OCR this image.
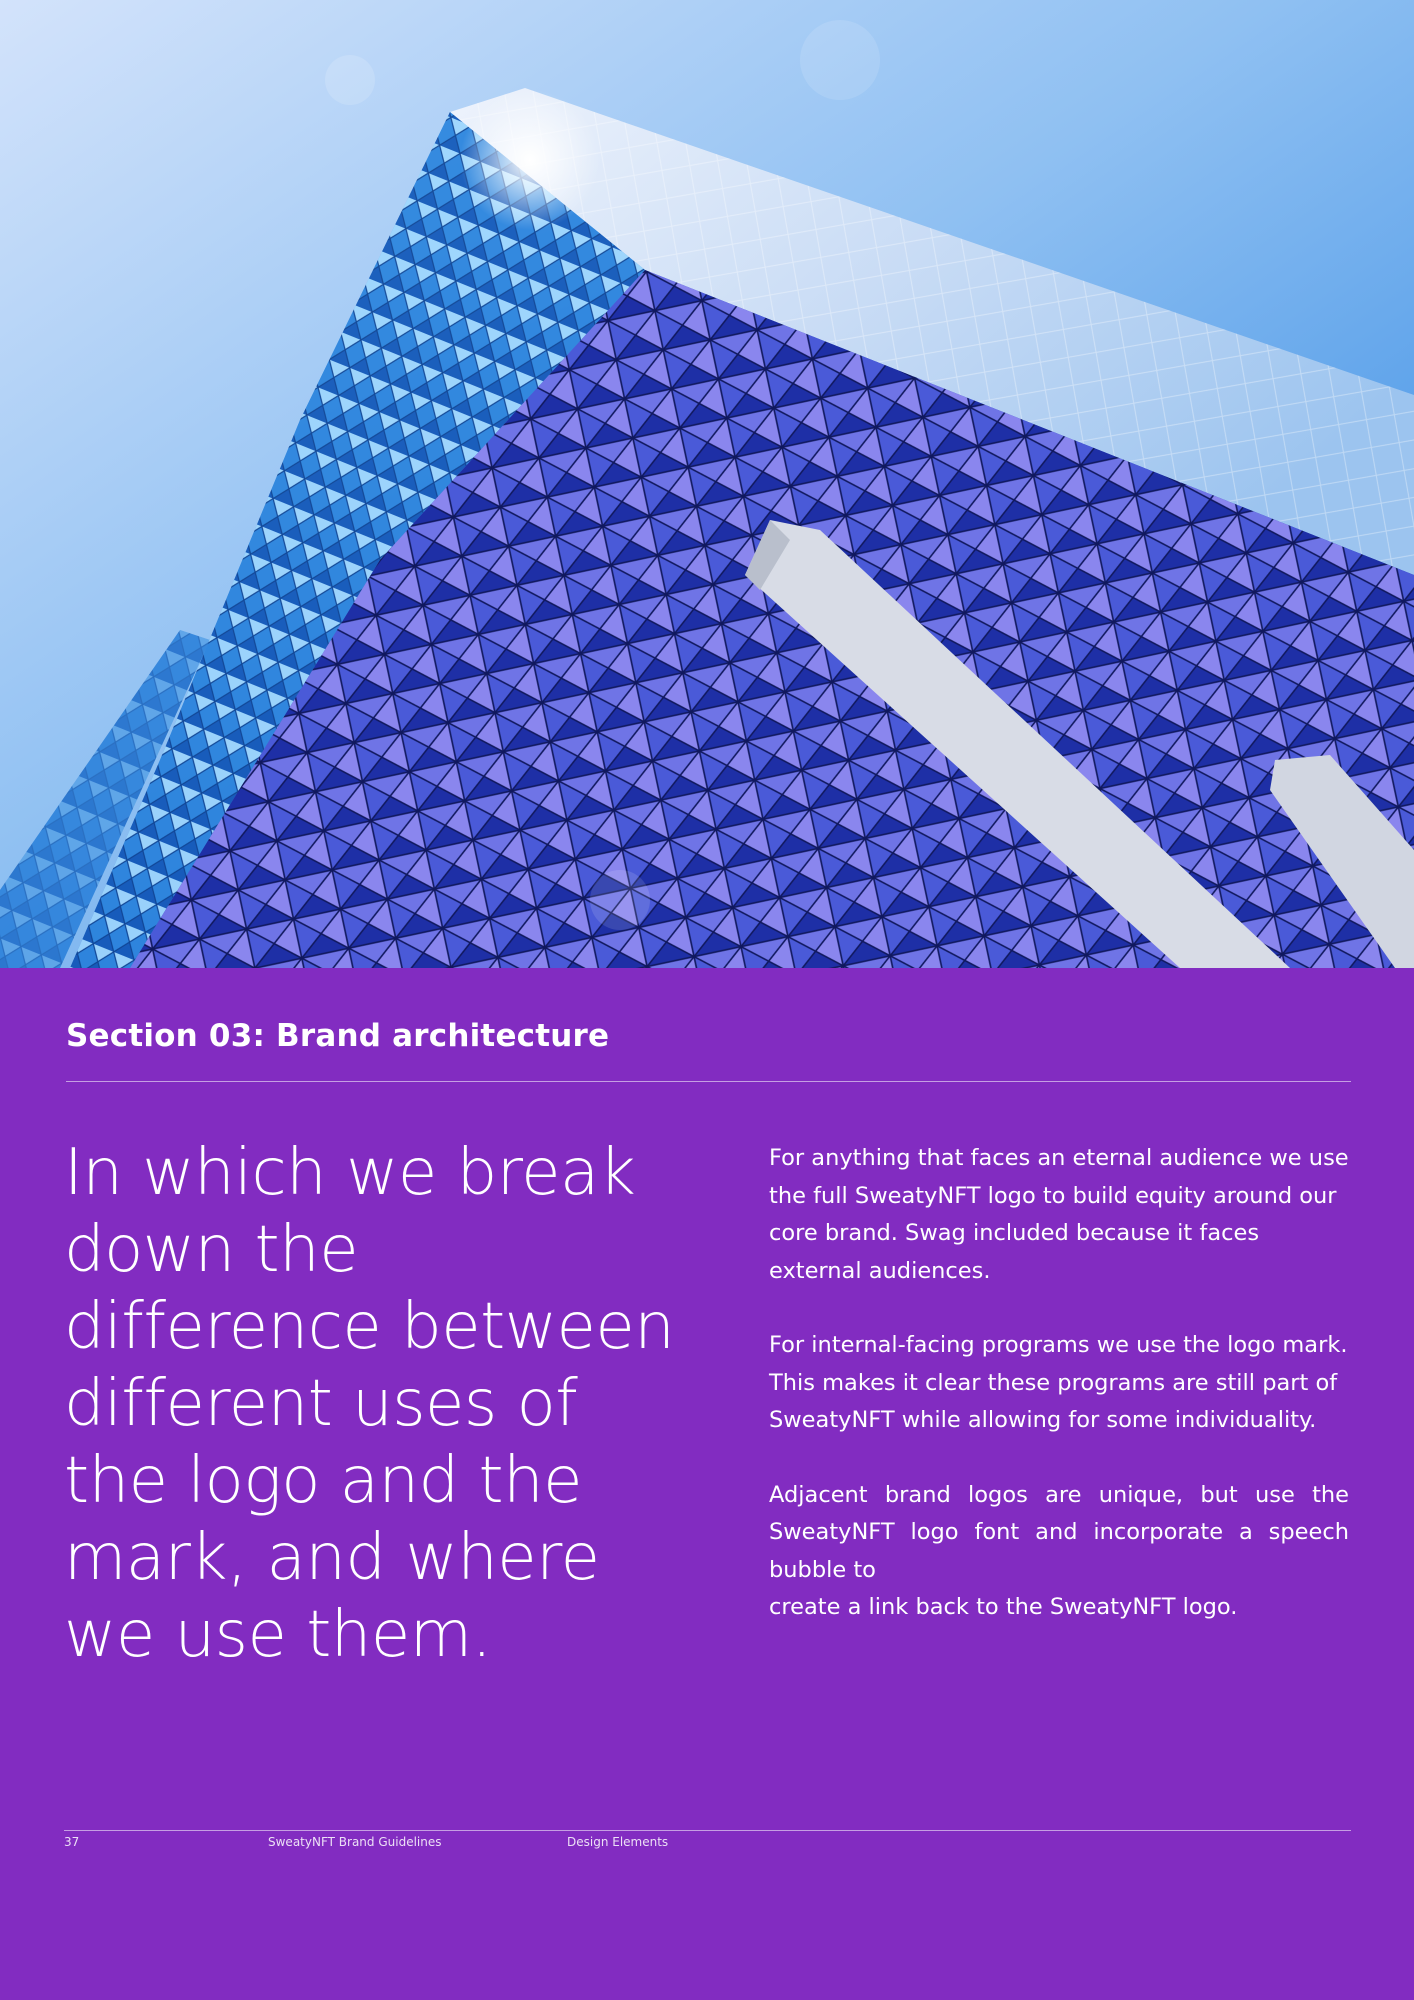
Section 03: Brand architecture
In which we break down the difference between different uses of the logo and the mark, and where we use them.

For anything that faces an eternal audience we use the full SweatyNFT logo to build equity around our core brand. Swag included because it faces external audiences.

For internal-facing programs we use the logo mark. This makes it clear these programs are still part of SweatyNFT while allowing for some individuality.

Adjacent brand logos are unique, but use the SweatyNFT logo font and incorporate a speech bubble to

create a link back to the SweatyNFT logo.

37	SweatyNFT Brand Guidelines	Design Elements
